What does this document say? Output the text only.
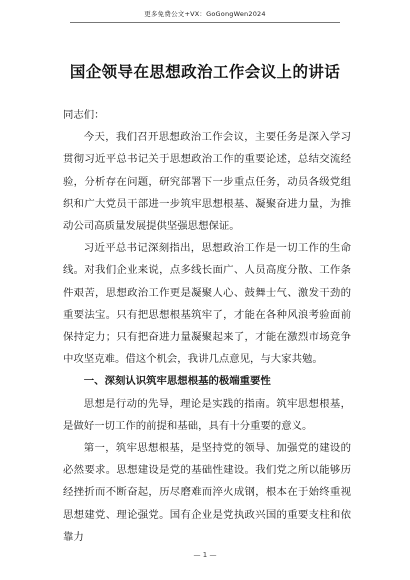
更多免费公文+VX：GoGongWen2024
国企领导在思想政治工作会议上的讲话

同志们：

今天，我们召开思想政治工作会议，主要任务是深入学习贯彻习近平总书记关于思想政治工作的重要论述，总结交流经验，分析存在问题，研究部署下一步重点任务，动员各级党组织和广大党员干部进一步筑牢思想根基、凝聚奋进力量，为推动公司高质量发展提供坚强思想保证。

习近平总书记深刻指出，思想政治工作是一切工作的生命线。对我们企业来说，点多线长面广、人员高度分散、工作条件艰苦，思想政治工作更是凝聚人心、鼓舞士气、激发干劲的重要法宝。只有把思想根基筑牢了，才能在各种风浪考验面前保持定力；只有把奋进力量凝聚起来了，才能在激烈市场竞争中攻坚克难。借这个机会，我讲几点意见，与大家共勉。

一、深刻认识筑牢思想根基的极端重要性

思想是行动的先导，理论是实践的指南。筑牢思想根基，是做好一切工作的前提和基础，具有十分重要的意义。

第一，筑牢思想根基，是坚持党的领导、加强党的建设的必然要求。思想建设是党的基础性建设。我们党之所以能够历经挫折而不断奋起，历尽磨难而淬火成钢，根本在于始终重视思想建党、理论强党。国有企业是党执政兴国的重要支柱和依靠力

— 1 —
